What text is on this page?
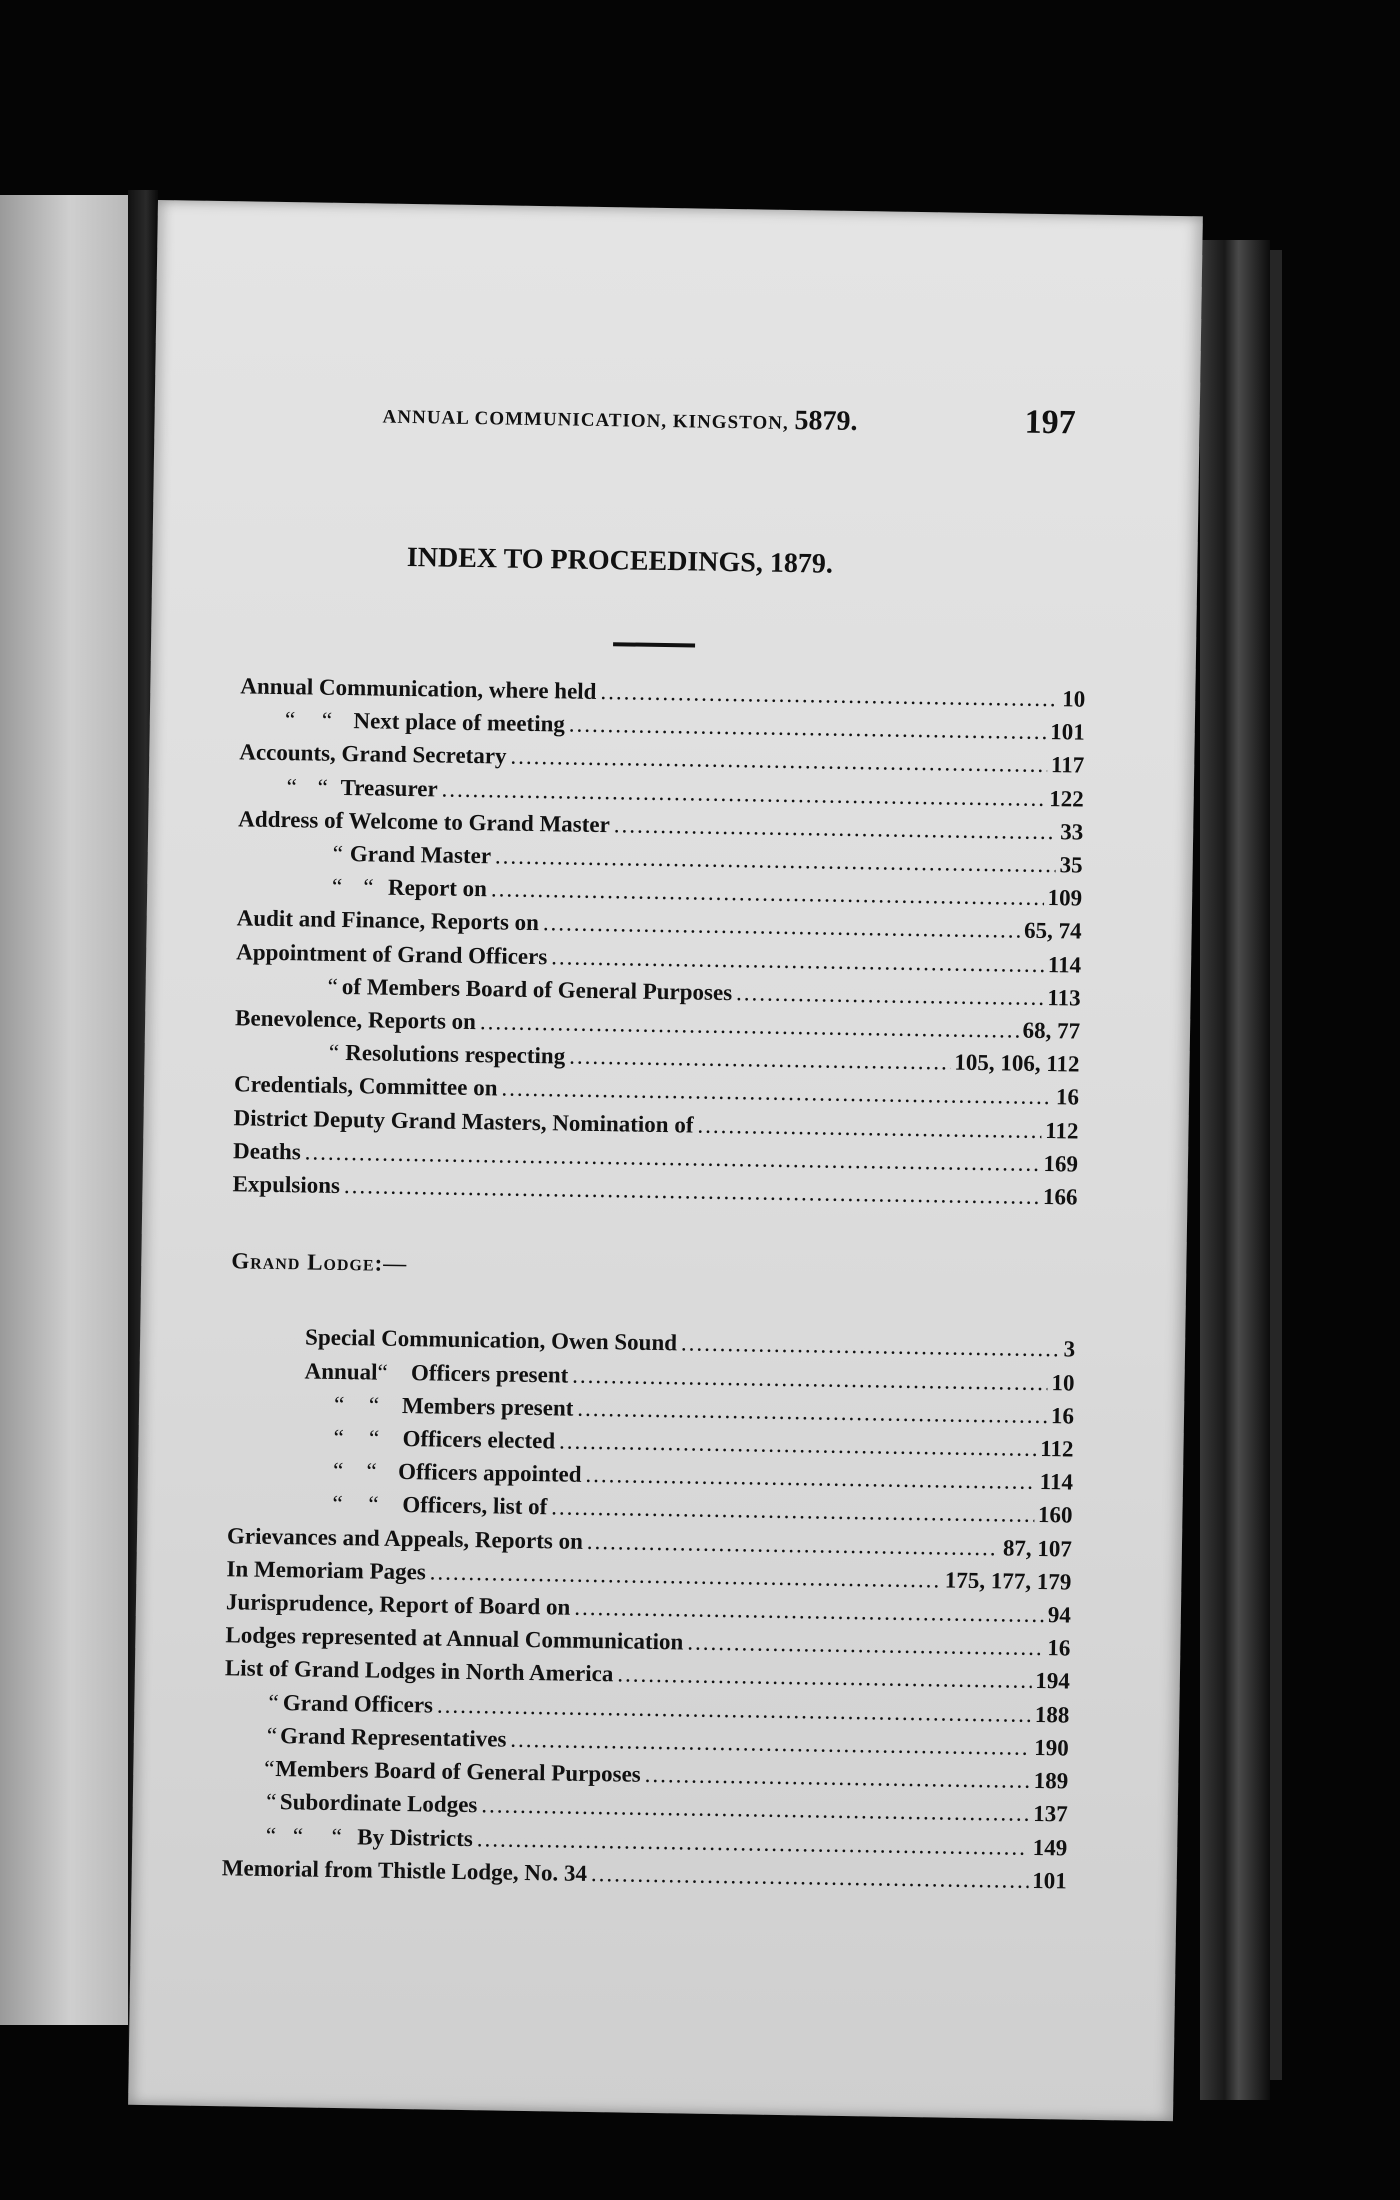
ANNUAL COMMUNICATION, KINGSTON, 5879.	197
INDEX TO PROCEEDINGS, 1879.
Annual Communication, where held .....	10
“	“ Next place of meeting .....	101
Accounts, Grand Secretary .....	117
“ “ Treasurer .....	122
Address of Welcome to Grand Master .....	33
“ Grand Master .....	35
“ “ Report on .....	109
Audit and Finance, Reports on .....	65, 74
Appointment of Grand Officers .....	114
“ of Members Board of General Purposes .....	113
Benevolence, Reports on .....	68, 77
“ Resolutions respecting .....	105, 106, 112
Credentials, Committee on .....	16
District Deputy Grand Masters, Nomination of .....	112
Deaths .....	169
Expulsions .....	166
Grand Lodge:—
Special Communication, Owen Sound .....	3
Annual “ Officers present .....	10
“	“ Members present .....	16
“	“ Officers elected .....	112
“ “ Officers appointed .....	114
“	“	Officers, list of .....	160
Grievances and Appeals, Reports on .....	87, 107
In Memoriam Pages .....	175, 177, 179
Jurisprudence, Report of Board on .....	94
Lodges represented at Annual Communication .....	16
List of Grand Lodges in North America .....	194
“ Grand Officers .....	188
“ Grand Representatives .....	190
“ Members Board of General Purposes .....	189
“ Subordinate Lodges .....	137
“ “	“ By Districts .....	149
Memorial from Thistle Lodge, No. 34 .....	101
